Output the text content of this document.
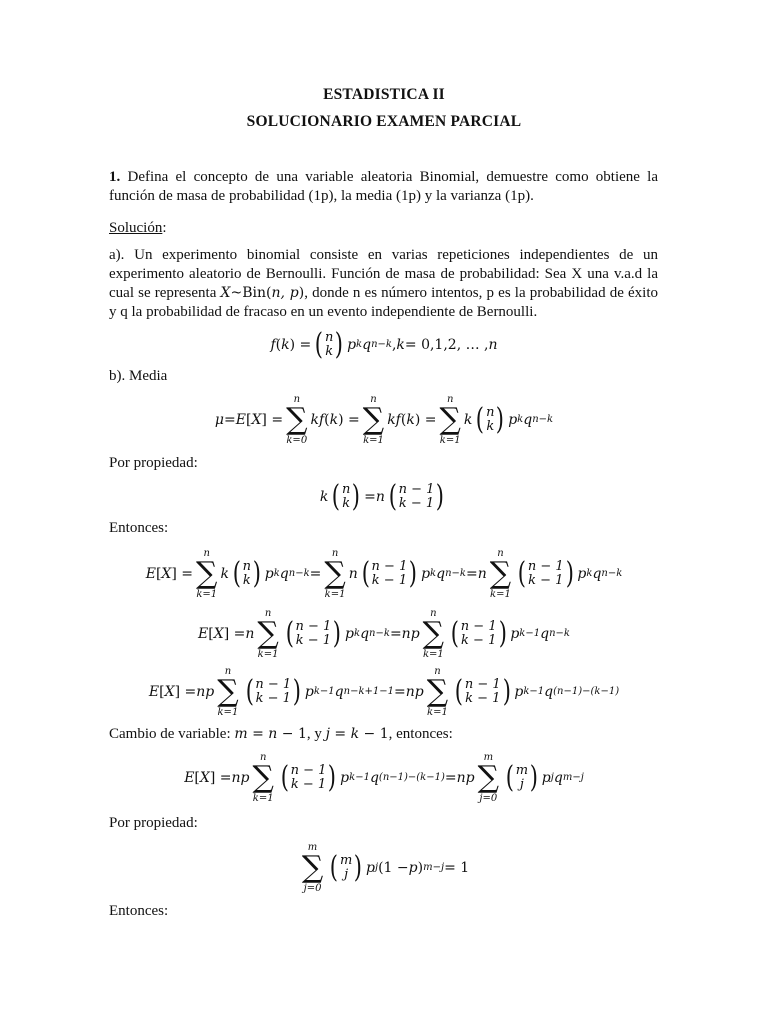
ESTADISTICA II
SOLUCIONARIO EXAMEN PARCIAL
1. Defina el concepto de una variable aleatoria Binomial, demuestre como obtiene la función de masa de probabilidad (1p), la media (1p) y la varianza (1p).
Solución:
a). Un experimento binomial consiste en varias repeticiones independientes de un experimento aleatorio de Bernoulli. Función de masa de probabilidad: Sea X una v.a.d la cual se representa X~Bin(n, p), donde n es número intentos, p es la probabilidad de éxito y q la probabilidad de fracaso en un evento independiente de Bernoulli.
f ( k ) = ( n
k ) p k q n−k , k = 0,1,2, … , n
b). Media
μ = E [ X ] =
n
∑
k=0
kf ( k ) =
n
∑
k=1
kf ( k ) =
n
∑
k=1
k ( n
k ) p k q n−k
Por propiedad:
k ( n
k ) = n ( n − 1
k − 1 )
Entonces:
E [ X ] =
n
∑
k=1
k ( n
k ) p k q n−k =
n
∑
k=1
n ( n − 1
k − 1 ) p k q n−k = n
n
∑
k=1
( n − 1
k − 1 ) p k q n−k
E [ X ] = n
n
∑
k=1
( n − 1
k − 1 ) p k q n−k = np
n
∑
k=1
( n − 1
k − 1 ) p k−1 q n−k
E [ X ] = np
n
∑
k=1
( n − 1
k − 1 ) p k−1 q n−k+1−1 = np
n
∑
k=1
( n − 1
k − 1 ) p k−1 q (n−1)−(k−1)
Cambio de variable: m = n − 1, y j = k − 1, entonces:
E [ X ] = np
n
∑
k=1
( n − 1
k − 1 ) p k−1 q (n−1)−(k−1) = np
m
∑
j=0
( m
j ) p j q m−j
Por propiedad:
m
∑
j=0
( m
j ) p j (1 − p ) m−j = 1
Entonces:
